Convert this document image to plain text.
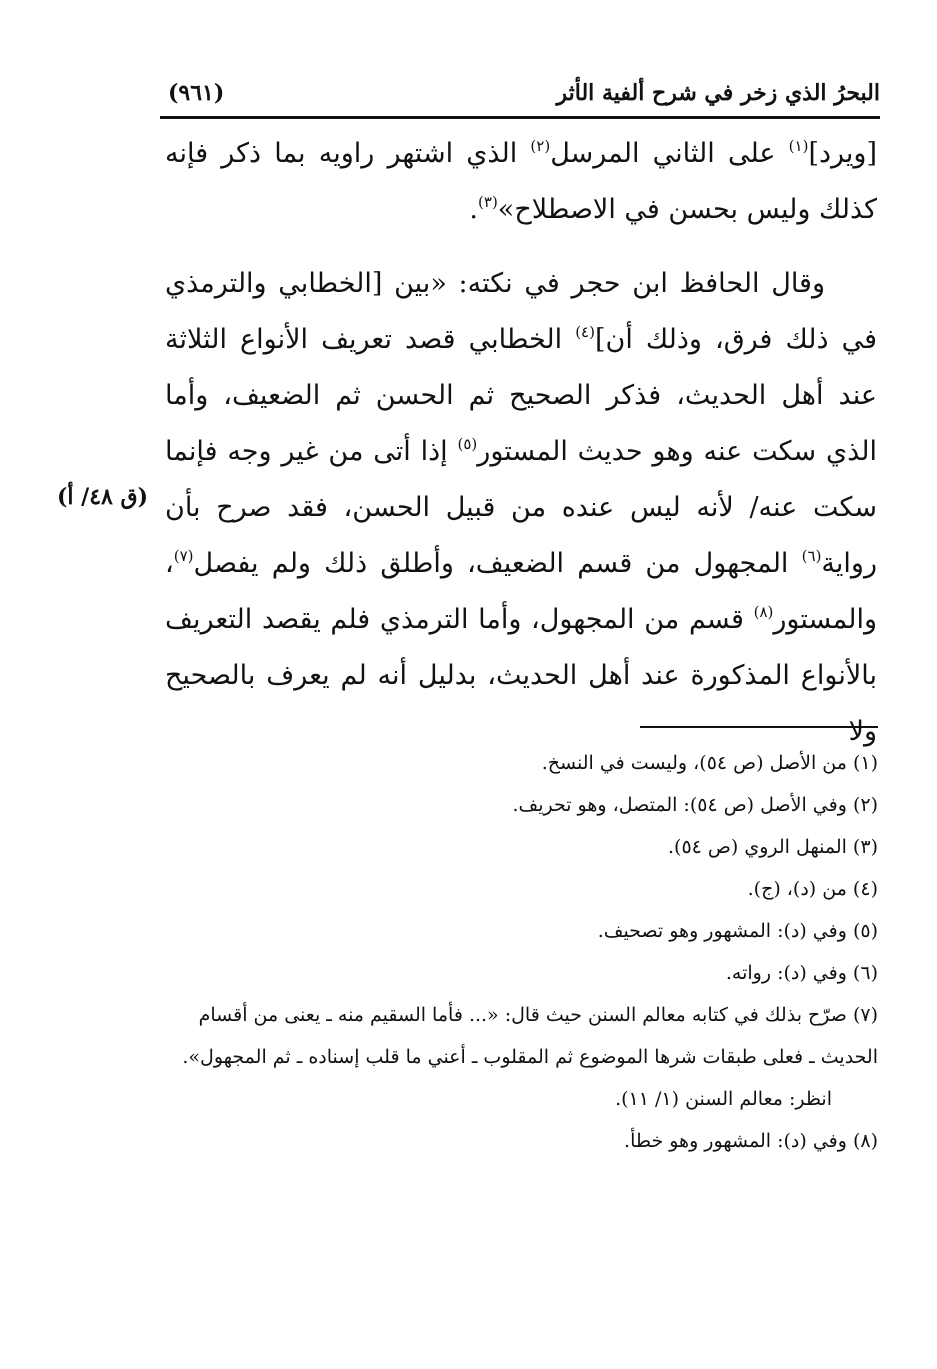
البحرُ الذي زخر في شرح ألفية الأثر
(٩٦١)

[ويرد]$^{(١)}$ على الثاني المرسل$^{(٢)}$ الذي اشتهر راويه بما ذكر فإنه كذلك وليس بحسن في الاصطلاح»$^{(٣)}$.

وقال الحافظ ابن حجر في نكته: «بين [الخطابي والترمذي في ذلك فرق، وذلك أن]$^{(٤)}$ الخطابي قصد تعريف الأنواع الثلاثة عند أهل الحديث، فذكر الصحيح ثم الحسن ثم الضعيف، وأما الذي سكت عنه وهو حديث المستور$^{(٥)}$ إذا أتى من غير وجه فإنما سكت عنه/ لأنه ليس عنده من قبيل الحسن، فقد صرح بأن رواية$^{(٦)}$ المجهول من قسم الضعيف، وأطلق ذلك ولم يفصل$^{(٧)}$، والمستور$^{(٨)}$ قسم من المجهول، وأما الترمذي فلم يقصد التعريف بالأنواع المذكورة عند أهل الحديث، بدليل أنه لم يعرف بالصحيح ولا

(ق ٤٨/ أ)

(١) من الأصل (ص ٥٤)، وليست في النسخ.

(٢) وفي الأصل (ص ٥٤): المتصل، وهو تحريف.

(٣) المنهل الروي (ص ٥٤).

(٤) من (د)، (ج).

(٥) وفي (د): المشهور وهو تصحيف.

(٦) وفي (د): رواته.

(٧) صرّح بذلك في كتابه معالم السنن حيث قال: «... فأما السقيم منه ـ يعنى من أقسام الحديث ـ فعلى طبقات شرها الموضوع ثم المقلوب ـ أعني ما قلب إسناده ـ ثم المجهول».

انظر: معالم السنن (١/ ١١).

(٨) وفي (د): المشهور وهو خطأ.
